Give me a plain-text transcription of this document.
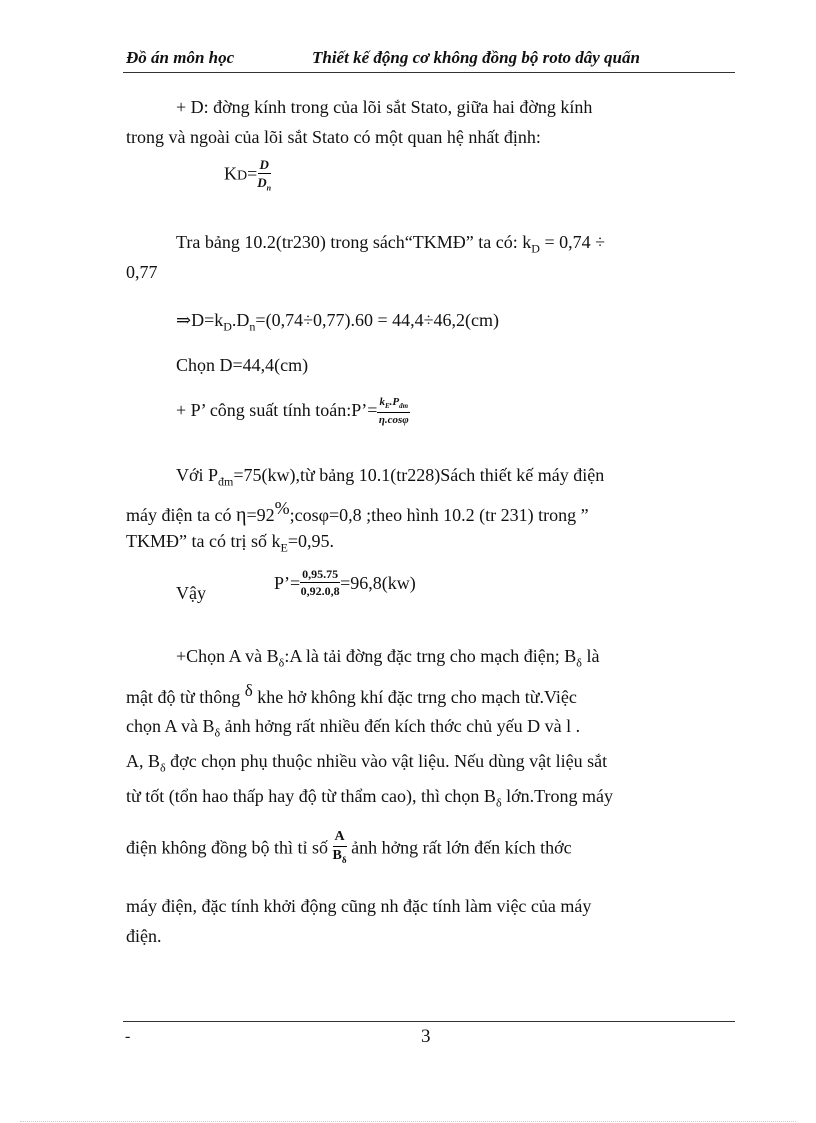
Đồ án môn học	Thiết kế động cơ không đồng bộ roto dây quấn
+ D: đờng kính trong của lõi sắt Stato, giữa hai đờng kính
trong và ngoài của lõi sắt Stato có một quan hệ nhất định:
$KD= \frac{D}{D_n}$
Tra bảng 10.2(tr230) trong sách“TKMĐ” ta có: $k_D = 0,74$ ÷
0,77
$\Rightarrow D=k_D.D_n=(0,74\div 0,77).60 = 44,4\div 46,2(cm)$
Chọn D=44,4(cm)
+ P’ công suất tính toán:P’= $\frac{k_E.P_{đm}}{\eta.\cos\varphi}$
Với $P_{đm}=75(kw),từ$ bảng 10.1(tr228)Sách thiết kế máy điện
máy điện ta có η=92%;cosφ=0,8 ;theo hình 10.2 (tr 231) trong ”
TKMĐ” ta có trị số $k_E=0,95$.
Vậy
P’= $\frac{0,95.75}{0,92.0,8} =96,8(kw)$
+Chọn A và $B_\delta:A$ là tải đờng đặc trng cho mạch điện; $B_\delta$ là
mật độ từ thông $^\delta$ khe hở không khí đặc trng cho mạch từ.Việc
chọn A và $B_\delta$ ảnh hởng rất nhiều đến kích thớc chủ yếu D và l .
A, $B_\delta$ đợc chọn phụ thuộc nhiều vào vật liệu. Nếu dùng vật liệu sắt
từ tốt (tổn hao thấp hay độ từ thẩm cao), thì chọn $B_\delta$ lớn.Trong máy
điện không đồng bộ thì tỉ số $\frac{A}{B_\delta}$ ảnh hởng rất lớn đến kích thớc
máy điện, đặc tính khởi động cũng nh đặc tính làm việc của máy
điện.
-	3
